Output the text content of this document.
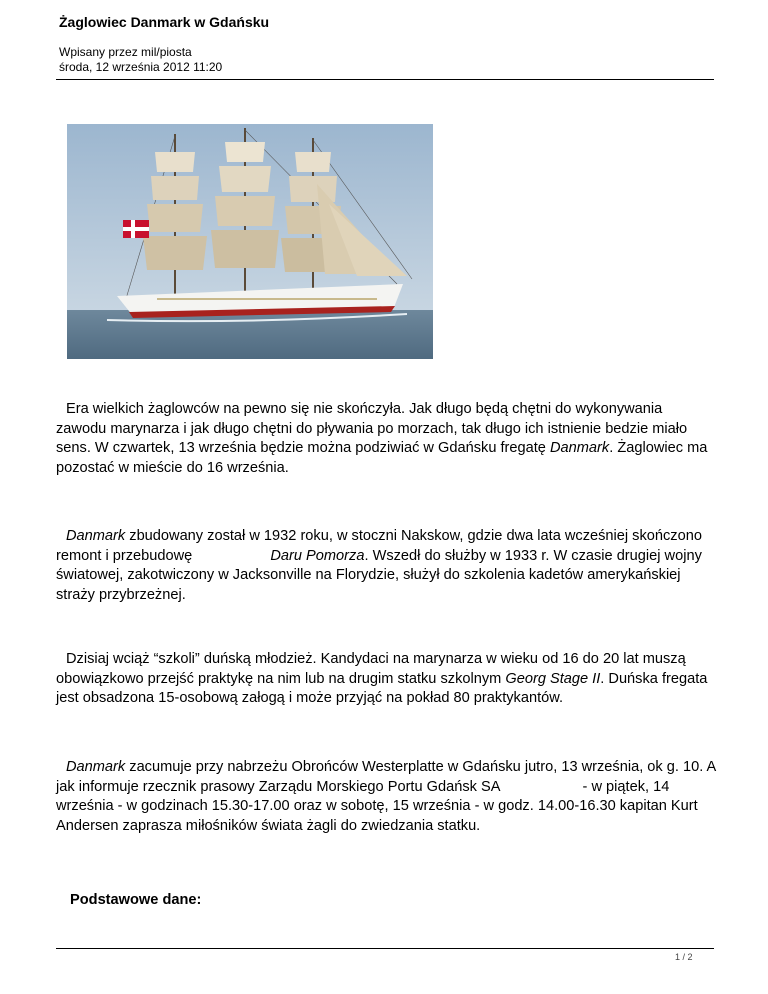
Żaglowiec Danmark w Gdańsku
Wpisany przez mil/piosta
środa, 12 września 2012 11:20

Era wielkich żaglowców na pewno się nie skończyła. Jak długo będą chętni do wykonywania zawodu marynarza i jak długo chętni do pływania po morzach, tak długo ich istnienie bedzie miało sens. W czwartek, 13 września będzie można podziwiać w Gdańsku fregatę Danmark. Żaglowiec ma pozostać w mieście do 16 września.

Danmark zbudowany został w 1932 roku, w stoczni Nakskow, gdzie dwa lata wcześniej skończono remont i przebudowę	Daru Pomorza. Wszedł do służby w 1933 r. W czasie drugiej wojny światowej, zakotwiczony w Jacksonville na Florydzie, służył do szkolenia kadetów amerykańskiej straży przybrzeżnej.

Dzisiaj wciąż “szkoli” duńską młodzież. Kandydaci na marynarza w wieku od 16 do 20 lat muszą obowiązkowo przejść praktykę na nim lub na drugim statku szkolnym Georg Stage II. Duńska fregata jest obsadzona 15-osobową załogą i może przyjąć na pokład 80 praktykantów.

Danmark zacumuje przy nabrzeżu Obrońców Westerplatte w Gdańsku jutro, 13 września, ok g. 10. A jak informuje rzecznik prasowy Zarządu Morskiego Portu Gdańsk SA	- w piątek, 14 września - w godzinach 15.30-17.00 oraz w sobotę, 15 września - w godz. 14.00-16.30 kapitan Kurt Andersen zaprasza miłośników świata żagli do zwiedzania statku.

Podstawowe dane:
1 / 2
